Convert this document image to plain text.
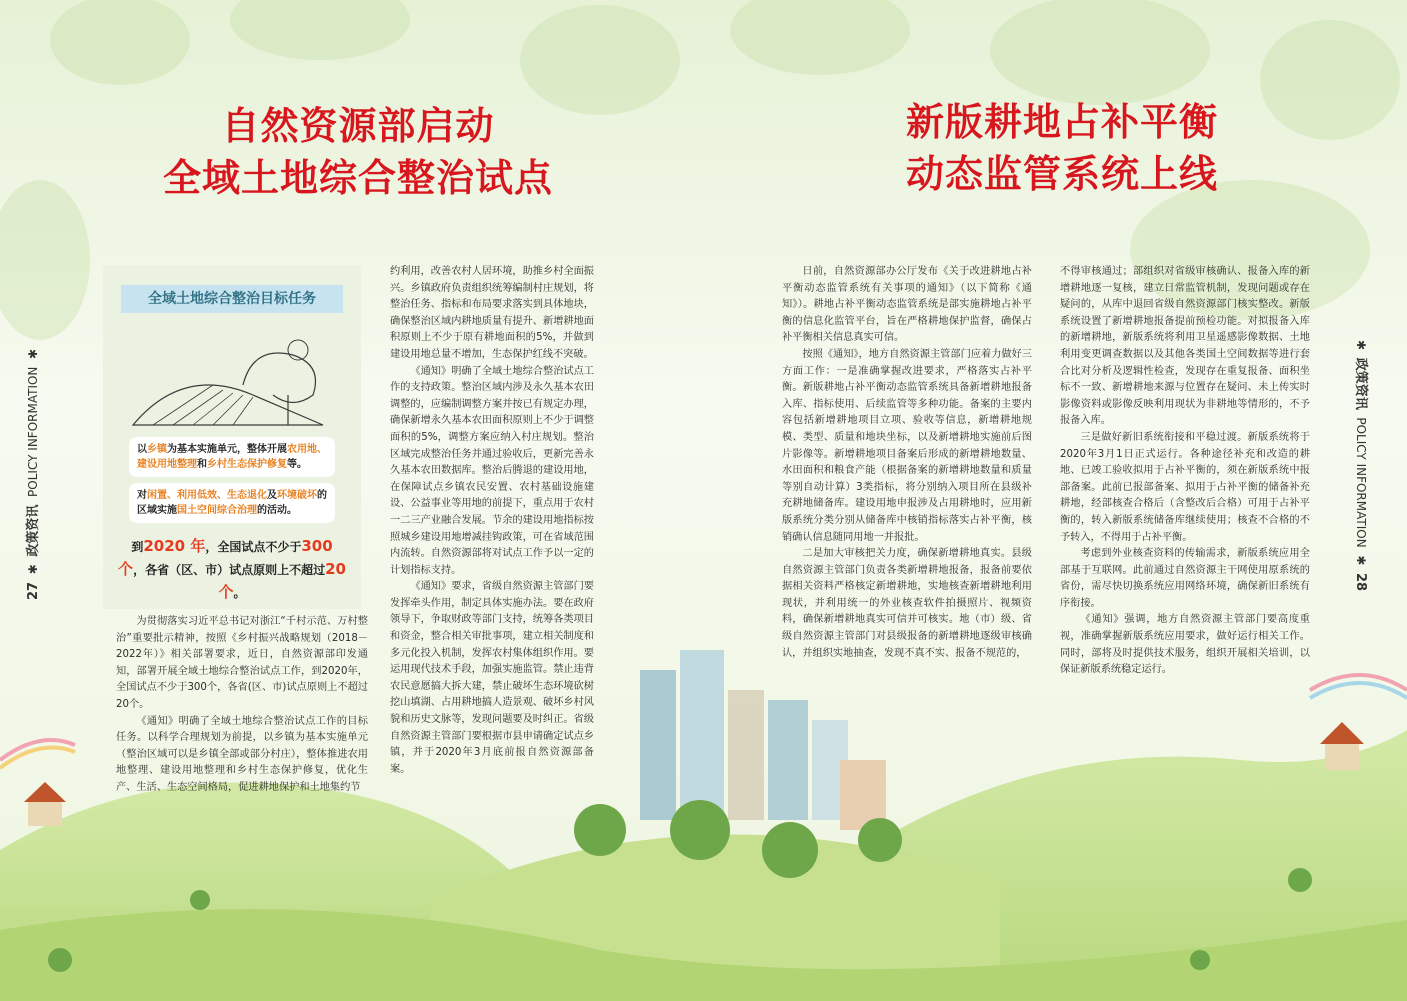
自然资源部启动
全域土地综合整治试点
27  ✱  政策资讯  POLICY INFORMATION  ✱
全域土地综合整治目标任务
以乡镇为基本实施单元，整体开展农用地、建设用地整理和乡村生态保护修复等。
对闲置、利用低效、生态退化及环境破坏的区域实施国土空间综合治理的活动。
到2020 年，全国试点不少于300 个，各省（区、市）试点原则上不超过20 个。

为贯彻落实习近平总书记对浙江“千村示范、万村整治”重要批示精神，按照《乡村振兴战略规划（2018－2022年）》相关部署要求，近日，自然资源部印发通知，部署开展全域土地综合整治试点工作，到2020年，全国试点不少于300个，各省(区、市)试点原则上不超过20个。

《通知》明确了全域土地综合整治试点工作的目标任务。以科学合理规划为前提，以乡镇为基本实施单元（整治区域可以是乡镇全部或部分村庄），整体推进农用地整理、建设用地整理和乡村生态保护修复，优化生产、生活、生态空间格局，促进耕地保护和土地集约节

约利用，改善农村人居环境，助推乡村全面振兴。乡镇政府负责组织统筹编制村庄规划，将整治任务、指标和布局要求落实到具体地块，确保整治区域内耕地质量有提升、新增耕地面积原则上不少于原有耕地面积的5%，并做到建设用地总量不增加，生态保护红线不突破。

《通知》明确了全域土地综合整治试点工作的支持政策。整治区域内涉及永久基本农田调整的，应编制调整方案并按已有规定办理，确保新增永久基本农田面积原则上不少于调整面积的5%，调整方案应纳入村庄规划。整治区域完成整治任务并通过验收后，更新完善永久基本农田数据库。整治后腾退的建设用地，在保障试点乡镇农民安置、农村基础设施建设、公益事业等用地的前提下，重点用于农村一二三产业融合发展。节余的建设用地指标按照城乡建设用地增减挂钩政策，可在省域范围内流转。自然资源部将对试点工作予以一定的计划指标支持。

《通知》要求，省级自然资源主管部门要发挥牵头作用，制定具体实施办法。要在政府领导下，争取财政等部门支持，统筹各类项目和资金，整合相关审批事项，建立相关制度和多元化投入机制，发挥农村集体组织作用。要运用现代技术手段，加强实施监管。禁止违背农民意愿搞大拆大建，禁止破坏生态环境砍树挖山填湖、占用耕地搞人造景观、破坏乡村风貌和历史文脉等，发现问题要及时纠正。省级自然资源主管部门要根据市县申请确定试点乡镇，并于2020年3月底前报自然资源部备案。

新版耕地占补平衡
动态监管系统上线
✱  政策资讯  POLICY INFORMATION  ✱  28

日前，自然资源部办公厅发布《关于改进耕地占补平衡动态监管系统有关事项的通知》（以下简称《通知》）。耕地占补平衡动态监管系统是部实施耕地占补平衡的信息化监管平台，旨在严格耕地保护监督，确保占补平衡相关信息真实可信。

按照《通知》，地方自然资源主管部门应着力做好三方面工作：一是准确掌握改进要求，严格落实占补平衡。新版耕地占补平衡动态监管系统具备新增耕地报备入库、指标使用、后续监管等多种功能。备案的主要内容包括新增耕地项目立项、验收等信息，新增耕地规模、类型、质量和地块坐标，以及新增耕地实施前后图片影像等。新增耕地项目备案后形成的新增耕地数量、水田面积和粮食产能（根据备案的新增耕地数量和质量等别自动计算）3类指标，将分别纳入项目所在县级补充耕地储备库。建设用地申报涉及占用耕地时，应用新版系统分类分别从储备库中核销指标落实占补平衡，核销确认信息随同用地一并报批。

二是加大审核把关力度，确保新增耕地真实。县级自然资源主管部门负责各类新增耕地报备，报备前要依据相关资料严格核定新增耕地，实地核查新增耕地利用现状，并利用统一的外业核查软件拍摄照片、视频资料，确保新增耕地真实可信并可核实。地（市）级、省级自然资源主管部门对县级报备的新增耕地逐级审核确认，并组织实地抽查，发现不真不实、报备不规范的，

不得审核通过；部组织对省级审核确认、报备入库的新增耕地逐一复核，建立日常监管机制，发现问题或存在疑问的，从库中退回省级自然资源部门核实整改。新版系统设置了新增耕地报备提前预检功能。对拟报备入库的新增耕地，新版系统将利用卫星遥感影像数据、土地利用变更调查数据以及其他各类国土空间数据等进行套合比对分析及逻辑性检查，发现存在重复报备、面积坐标不一致、新增耕地来源与位置存在疑问、未上传实时影像资料或影像反映利用现状为非耕地等情形的，不予报备入库。

三是做好新旧系统衔接和平稳过渡。新版系统将于2020年3月1日正式运行。各种途径补充和改造的耕地、已竣工验收拟用于占补平衡的，须在新版系统中报部备案。此前已报部备案、拟用于占补平衡的储备补充耕地，经部核查合格后（含整改后合格）可用于占补平衡的，转入新版系统储备库继续使用；核查不合格的不予转入，不得用于占补平衡。

考虑到外业核查资料的传输需求，新版系统应用全部基于互联网。此前通过自然资源主干网使用原系统的省份，需尽快切换系统应用网络环境，确保新旧系统有序衔接。

《通知》强调，地方自然资源主管部门要高度重视，准确掌握新版系统应用要求，做好运行相关工作。同时，部将及时提供技术服务，组织开展相关培训，以保证新版系统稳定运行。
